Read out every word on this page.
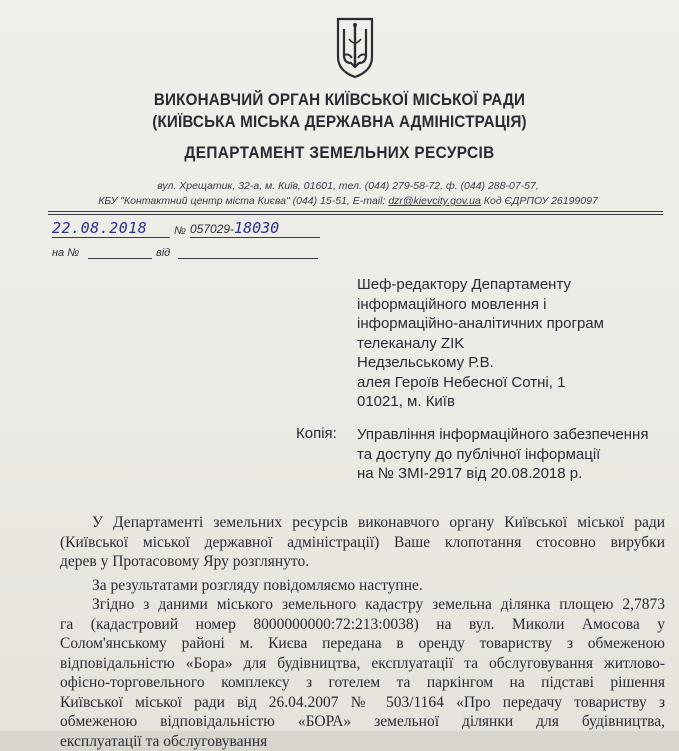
ВИКОНАВЧИЙ ОРГАН КИЇВСЬКОЇ МІСЬКОЇ РАДИ
(КИЇВСЬКА МІСЬКА ДЕРЖАВНА АДМІНІСТРАЦІЯ)
ДЕПАРТАМЕНТ ЗЕМЕЛЬНИХ РЕСУРСІВ
вул. Хрещатик, 32-а, м. Київ, 01601, тел. (044) 279-58-72, ф. (044) 288-07-57,
КБУ "Контактний центр міста Києва" (044) 15-51, E-mail: dzr@kievcity.gov.ua Код ЄДРПОУ 26199097
22.08.2018	№ 057029-18030
на №	від
Шеф-редактору Департаменту
інформаційного мовлення і
інформаційно-аналітичних програм
телеканалу ZIK
Недзельському Р.В.
алея Героїв Небесної Сотні, 1
01021, м. Київ
Копія: Управління інформаційного забезпечення
та доступу до публічної інформації
на № ЗМІ-2917 від 20.08.2018 р.

У Департаменті земельних ресурсів виконавчого органу Київської міської ради
(Київської міської державної адміністрації) Ваше клопотання стосовно вирубки
дерев у Протасовому Яру розглянуто.

За результатами розгляду повідомляємо наступне.

Згідно з даними міського земельного кадастру земельна ділянка площею 2,7873
га (кадастровий номер 8000000000:72:213:0038) на вул. Миколи Амосова у
Солом'янському районі м. Києва передана в оренду товариству з обмеженою
відповідальністю «Бора» для будівництва, експлуатації та обслуговування житлово-
офісно-торговельного комплексу з готелем та паркінгом на підставі рішення
Київської міської ради від 26.04.2007 № 503/1164 «Про передачу товариству з
обмеженою відповідальністю «БОРА» земельної ділянки для будівництва,
експлуатації та обслуговування
